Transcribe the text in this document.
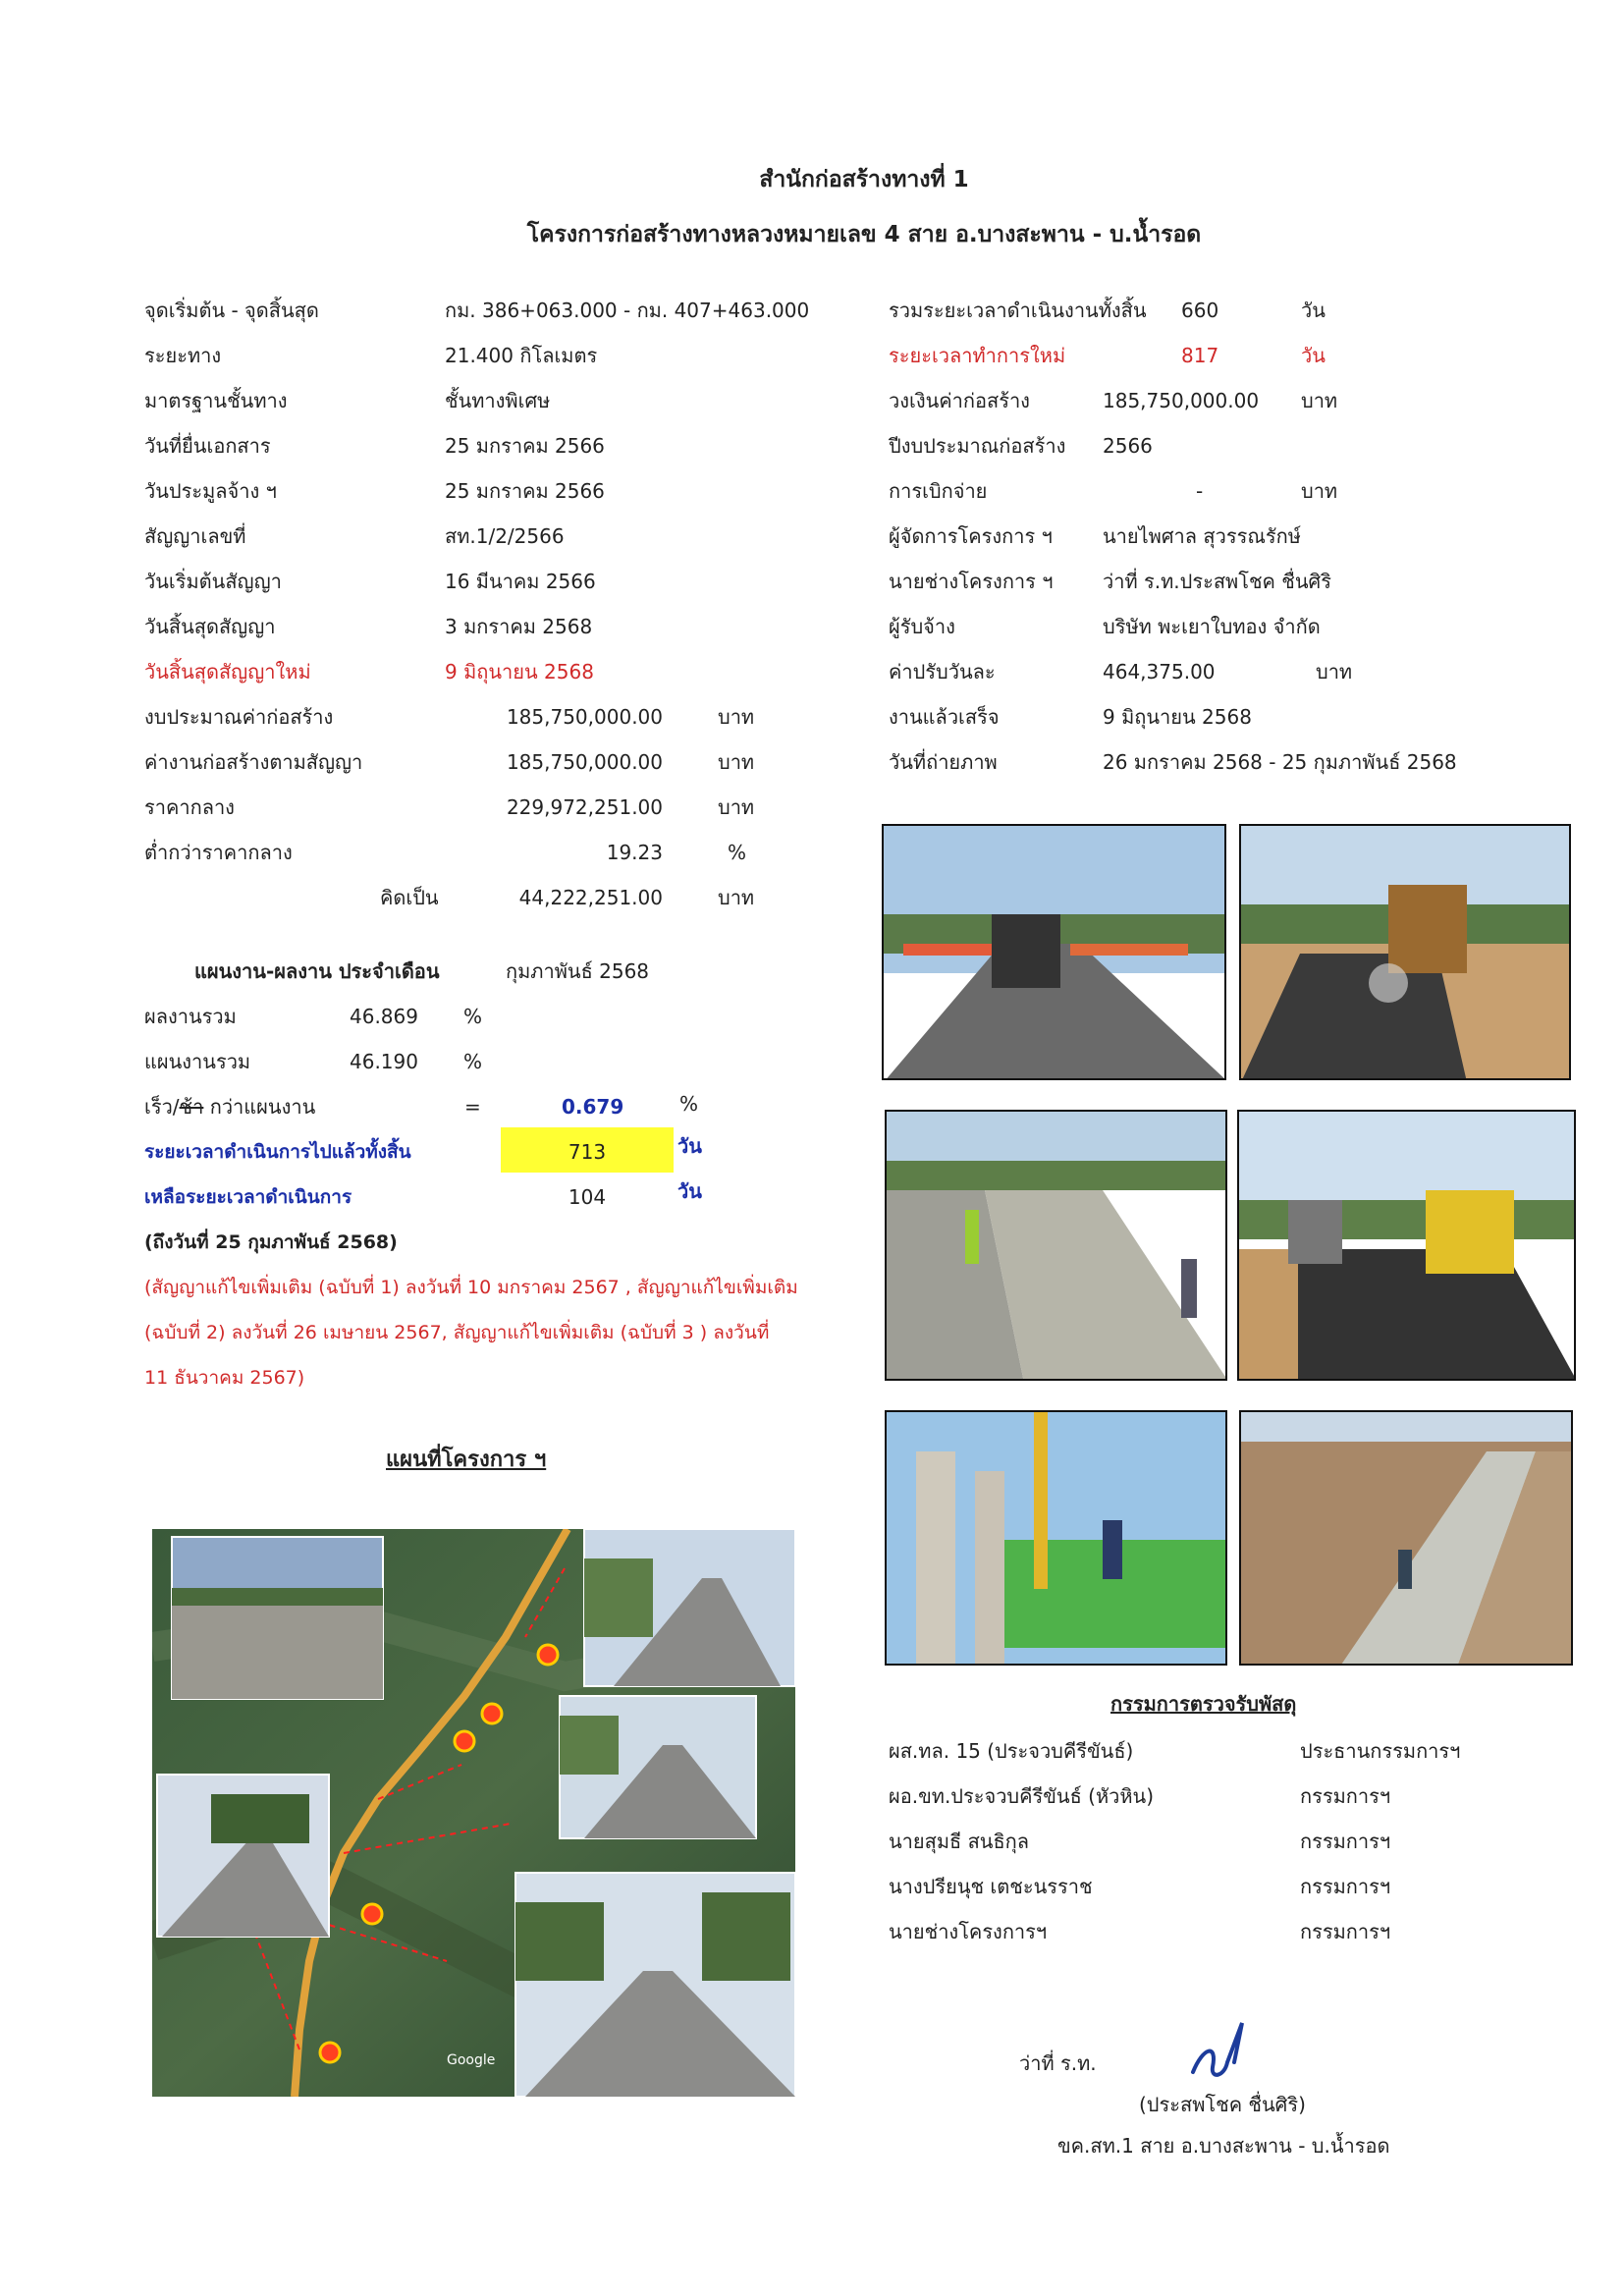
สำนักก่อสร้างทางที่ 1
โครงการก่อสร้างทางหลวงหมายเลข 4 สาย อ.บางสะพาน - บ.น้ำรอด
จุดเริ่มต้น - จุดสิ้นสุด	กม. 386+063.000 - กม. 407+463.000
ระยะทาง	21.400 กิโลเมตร
มาตรฐานชั้นทาง	ชั้นทางพิเศษ
วันที่ยื่นเอกสาร	25 มกราคม 2566
วันประมูลจ้าง ฯ	25 มกราคม 2566
สัญญาเลขที่	สท.1/2/2566
วันเริ่มต้นสัญญา	16 มีนาคม 2566
วันสิ้นสุดสัญญา	3 มกราคม 2568
วันสิ้นสุดสัญญาใหม่	9 มิถุนายน 2568
งบประมาณค่าก่อสร้าง	185,750,000.00	บาท
ค่างานก่อสร้างตามสัญญา	185,750,000.00	บาท
ราคากลาง	229,972,251.00	บาท
ต่ำกว่าราคากลาง	19.23	%
คิดเป็น	44,222,251.00	บาท
รวมระยะเวลาดำเนินงานทั้งสิ้น 660	วัน
ระยะเวลาทำการใหม่	817	วัน
วงเงินค่าก่อสร้าง	185,750,000.00 บาท
ปีงบประมาณก่อสร้าง 2566
การเบิกจ่าย	-	บาท
ผู้จัดการโครงการ ฯ	นายไพศาล สุวรรณรักษ์
นายช่างโครงการ ฯ	ว่าที่ ร.ท.ประสพโชค ชื่นศิริ
ผู้รับจ้าง	บริษัท พะเยาใบทอง จำกัด
ค่าปรับวันละ	464,375.00	บาท
งานแล้วเสร็จ	9 มิถุนายน 2568
วันที่ถ่ายภาพ	26 มกราคม 2568 - 25 กุมภาพันธ์ 2568
แผนงาน-ผลงาน ประจำเดือน	กุมภาพันธ์ 2568
ผลงานรวม	46.869 %
แผนงานรวม	46.190 %
เร็ว/ช้า กว่าแผนงาน	=	0.679	%
ระยะเวลาดำเนินการไปแล้วทั้งสิ้น	713	วัน
เหลือระยะเวลาดำเนินการ	104	วัน
(ถึงวันที่ 25 กุมภาพันธ์ 2568)
(สัญญาแก้ไขเพิ่มเติม (ฉบับที่ 1) ลงวันที่ 10 มกราคม 2567 , สัญญาแก้ไขเพิ่มเติม
(ฉบับที่ 2) ลงวันที่ 26 เมษายน 2567, สัญญาแก้ไขเพิ่มเติม (ฉบับที่ 3 ) ลงวันที่
11 ธันวาคม 2567)
แผนที่โครงการ ฯ
Google
กรรมการตรวจรับพัสดุ
ผส.ทล. 15 (ประจวบคีรีขันธ์)	ประธานกรรมการฯ
ผอ.ขท.ประจวบคีรีขันธ์ (หัวหิน)	กรรมการฯ
นายสุมธี สนธิกุล	กรรมการฯ
นางปรียนุช เตชะนรราช	กรรมการฯ
นายช่างโครงการฯ	กรรมการฯ
ว่าที่ ร.ท.
(ประสพโชค ชื่นศิริ)
ขค.สท.1 สาย อ.บางสะพาน - บ.น้ำรอด
